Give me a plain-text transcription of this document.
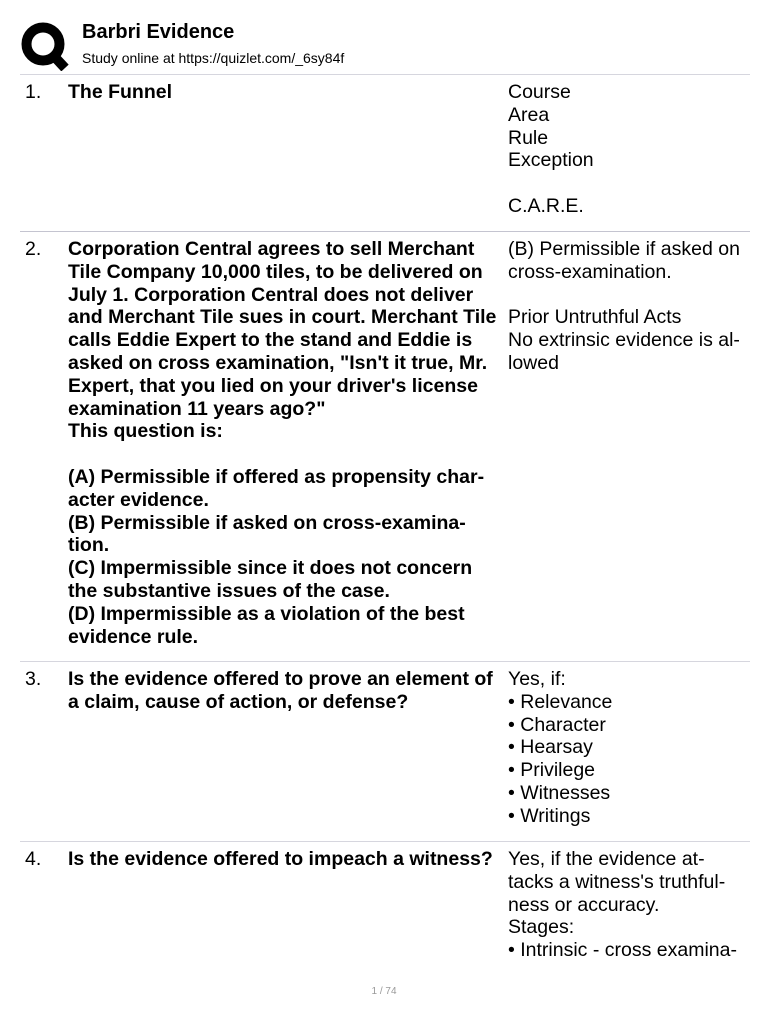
Barbri Evidence
Study online at https://quizlet.com/_6sy84f
1. The Funnel	Course
Area
Rule
Exception
C.A.R.E.
2. Corporation Central agrees to sell Merchant
Tile Company 10,000 tiles, to be delivered on
July 1. Corporation Central does not deliver
and Merchant Tile sues in court. Merchant Tile
calls Eddie Expert to the stand and Eddie is
asked on cross examination, "Isn't it true, Mr.
Expert, that you lied on your driver's license
examination 11 years ago?"
This question is:
(A) Permissible if offered as propensity char-
acter evidence.
(B) Permissible if asked on cross-examina-
tion.
(C) Impermissible since it does not concern
the substantive issues of the case.
(D) Impermissible as a violation of the best
evidence rule.
(B) Permissible if asked on
cross-examination.
Prior Untruthful Acts
No extrinsic evidence is al-
lowed
3. Is the evidence offered to prove an element of
a claim, cause of action, or defense?
Yes, if:
• Relevance
• Character
• Hearsay
• Privilege
• Witnesses
• Writings
4. Is the evidence offered to impeach a witness? Yes, if the evidence at-
tacks a witness's truthful-
ness or accuracy.
Stages:
• Intrinsic - cross examina-
1 / 74
